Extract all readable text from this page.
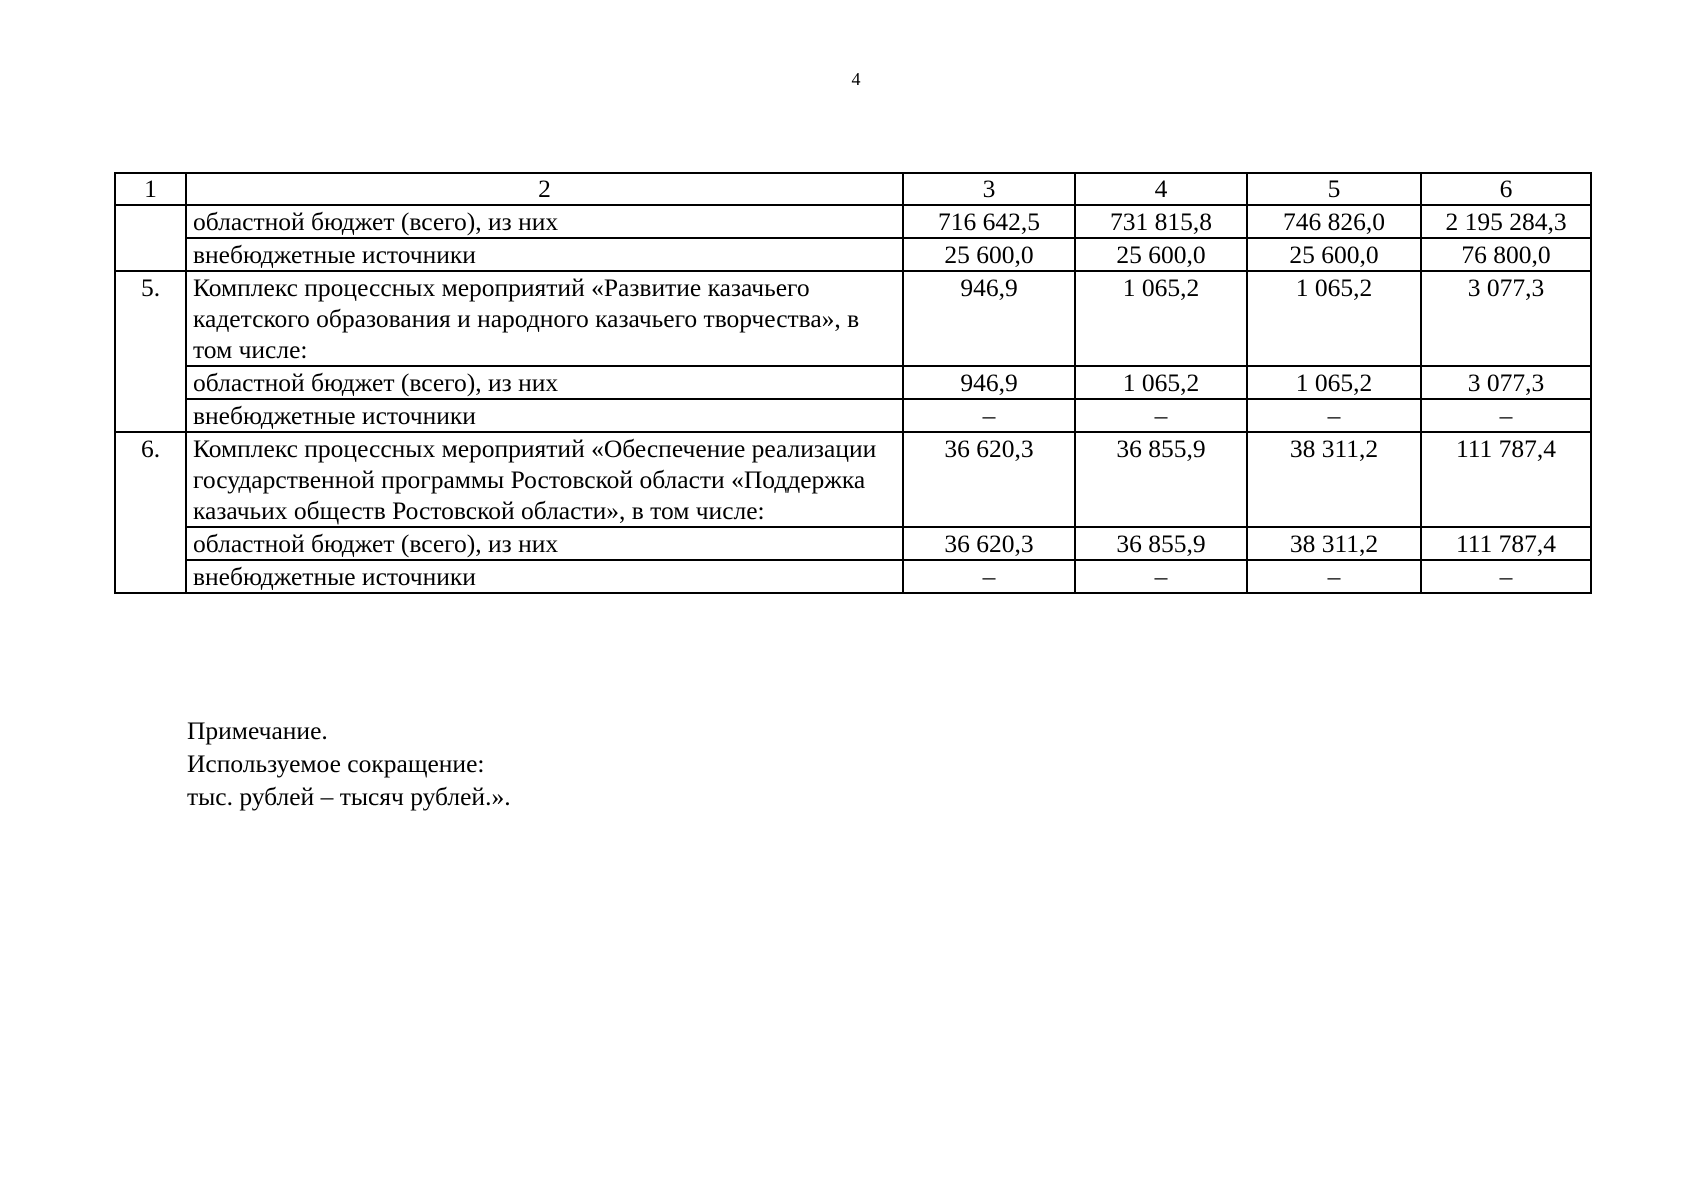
4
1	2	3	4	5	6
	областной бюджет (всего), из них	716 642,5	731 815,8	746 826,0	2 195 284,3
	внебюджетные источники	25 600,0	25 600,0	25 600,0	76 800,0
5.	Комплекс процессных мероприятий «Развитие казачьего кадетского образования и народного казачьего творчества», в том числе:	946,9	1 065,2	1 065,2	3 077,3
	областной бюджет (всего), из них	946,9	1 065,2	1 065,2	3 077,3
	внебюджетные источники	–	–	–	–
6.	Комплекс процессных мероприятий «Обеспечение реализации государственной программы Ростовской области «Поддержка казачьих обществ Ростовской области», в том числе:	36 620,3	36 855,9	38 311,2	111 787,4
	областной бюджет (всего), из них	36 620,3	36 855,9	38 311,2	111 787,4
	внебюджетные источники	–	–	–	–
Примечание.
Используемое сокращение:
тыс. рублей – тысяч рублей.».
